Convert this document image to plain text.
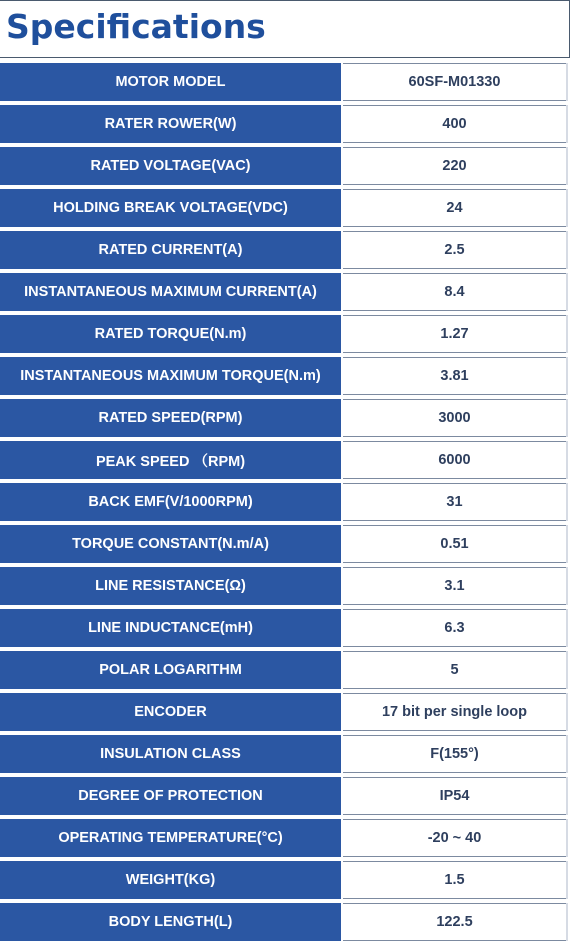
Specifications
MOTOR MODEL	60SF-M01330
RATER ROWER(W)	400
RATED VOLTAGE(VAC)	220
HOLDING BREAK VOLTAGE(VDC)	24
RATED CURRENT(A)	2.5
INSTANTANEOUS MAXIMUM CURRENT(A)	8.4
RATED TORQUE(N.m)	1.27
INSTANTANEOUS MAXIMUM TORQUE(N.m)	3.81
RATED SPEED(RPM)	3000
PEAK SPEED （RPM)	6000
BACK EMF(V/1000RPM)	31
TORQUE CONSTANT(N.m/A)	0.51
LINE RESISTANCE(Ω)	3.1
LINE INDUCTANCE(mH)	6.3
POLAR LOGARITHM	5
ENCODER	17 bit per single loop
INSULATION CLASS	F(155°)
DEGREE OF PROTECTION	IP54
OPERATING TEMPERATURE(°C)	-20 ~ 40
WEIGHT(KG)	1.5
BODY LENGTH(L)	122.5
